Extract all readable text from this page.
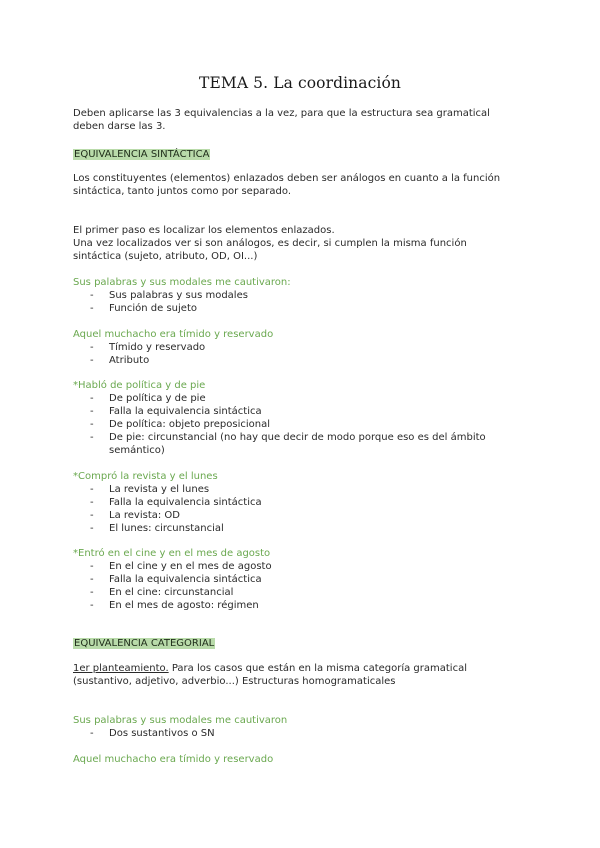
TEMA 5. La coordinación

Deben aplicarse las 3 equivalencias a la vez, para que la estructura sea gramatical
deben darse las 3.

EQUIVALENCIA SINTÁCTICA

Los constituyentes (elementos) enlazados deben ser análogos en cuanto a la función
sintáctica, tanto juntos como por separado.

El primer paso es localizar los elementos enlazados.
Una vez localizados ver si son análogos, es decir, si cumplen la misma función
sintáctica (sujeto, atributo, OD, OI...)

Sus palabras y sus modales me cautivaron:

- Sus palabras y sus modales
- Función de sujeto

Aquel muchacho era tímido y reservado

- Tímido y reservado
- Atributo

*Habló de política y de pie

- De política y de pie
- Falla la equivalencia sintáctica
- De política: objeto preposicional
- De pie: circunstancial (no hay que decir de modo porque eso es del ámbito
semántico)

*Compró la revista y el lunes

- La revista y el lunes
- Falla la equivalencia sintáctica
- La revista: OD
- El lunes: circunstancial

*Entró en el cine y en el mes de agosto

- En el cine y en el mes de agosto
- Falla la equivalencia sintáctica
- En el cine: circunstancial
- En el mes de agosto: régimen

EQUIVALENCIA CATEGORIAL

1er planteamiento. Para los casos que están en la misma categoría gramatical
(sustantivo, adjetivo, adverbio...) Estructuras homogramaticales

Sus palabras y sus modales me cautivaron

- Dos sustantivos o SN

Aquel muchacho era tímido y reservado
